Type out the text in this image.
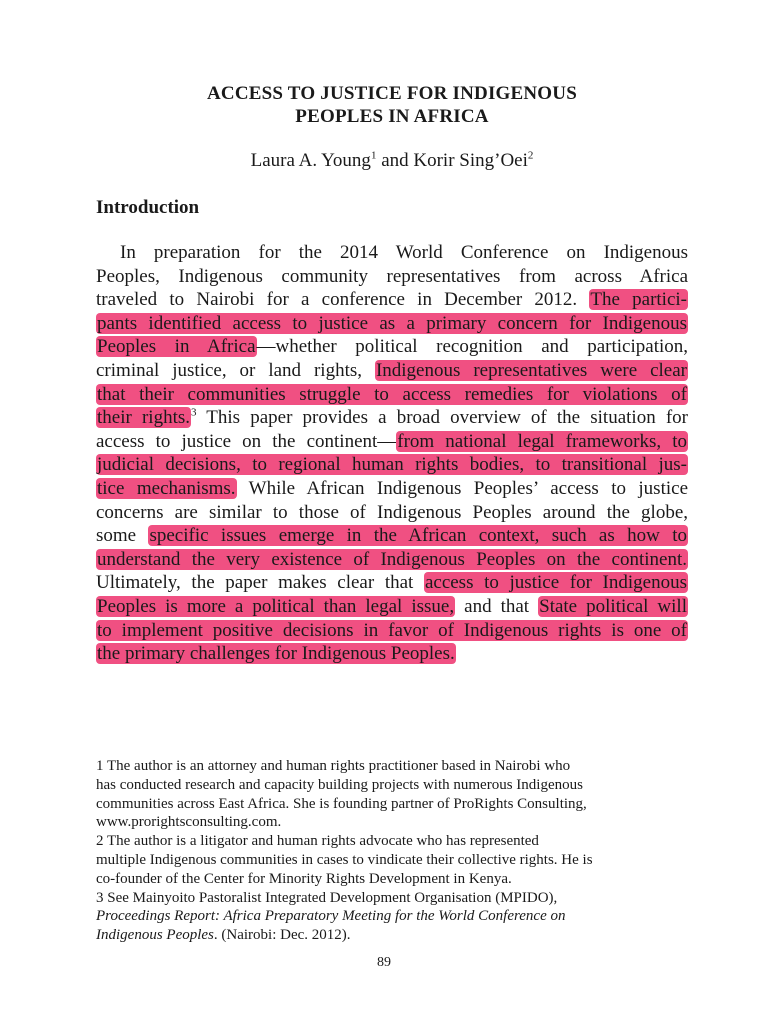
ACCESS TO JUSTICE FOR INDIGENOUS
PEOPLES IN AFRICA
Laura A. Young$^1$ and Korir Sing’Oei$^2$
Introduction
In preparation for the 2014 World Conference on Indigenous
Peoples, Indigenous community representatives from across Africa
traveled to Nairobi for a conference in December 2012. The partici-
pants identified access to justice as a primary concern for Indigenous
Peoples in Africa—whether political recognition and participation,
criminal justice, or land rights, Indigenous representatives were clear
that their communities struggle to access remedies for violations of
their rights.$^3$ This paper provides a broad overview of the situation for
access to justice on the continent—from national legal frameworks, to
judicial decisions, to regional human rights bodies, to transitional jus-
tice mechanisms. While African Indigenous Peoples’ access to justice
concerns are similar to those of Indigenous Peoples around the globe,
some specific issues emerge in the African context, such as how to
understand the very existence of Indigenous Peoples on the continent.
Ultimately, the paper makes clear that access to justice for Indigenous
Peoples is more a political than legal issue, and that State political will
to implement positive decisions in favor of Indigenous rights is one of
the primary challenges for Indigenous Peoples.
1 The author is an attorney and human rights practitioner based in Nairobi who
has conducted research and capacity building projects with numerous Indigenous
communities across East Africa. She is founding partner of ProRights Consulting,
www.prorightsconsulting.com.
2 The author is a litigator and human rights advocate who has represented
multiple Indigenous communities in cases to vindicate their collective rights. He is
co-founder of the Center for Minority Rights Development in Kenya.
3 See Mainyoito Pastoralist Integrated Development Organisation (MPIDO),
Proceedings Report: Africa Preparatory Meeting for the World Conference on
Indigenous Peoples. (Nairobi: Dec. 2012).
89
